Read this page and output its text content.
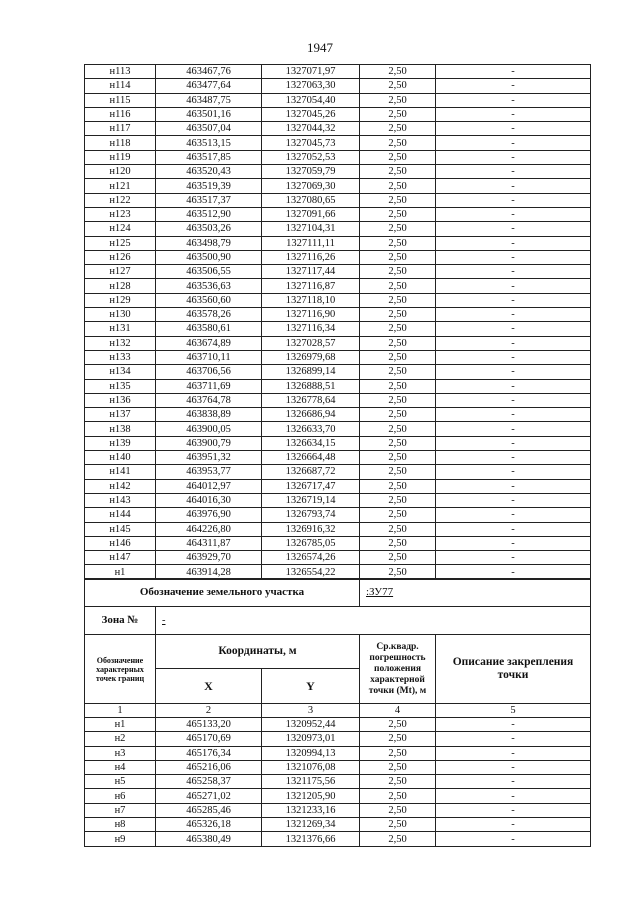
1947
н113	463467,76	1327071,97	2,50	-
н114	463477,64	1327063,30	2,50	-
н115	463487,75	1327054,40	2,50	-
н116	463501,16	1327045,26	2,50	-
н117	463507,04	1327044,32	2,50	-
н118	463513,15	1327045,73	2,50	-
н119	463517,85	1327052,53	2,50	-
н120	463520,43	1327059,79	2,50	-
н121	463519,39	1327069,30	2,50	-
н122	463517,37	1327080,65	2,50	-
н123	463512,90	1327091,66	2,50	-
н124	463503,26	1327104,31	2,50	-
н125	463498,79	1327111,11	2,50	-
н126	463500,90	1327116,26	2,50	-
н127	463506,55	1327117,44	2,50	-
н128	463536,63	1327116,87	2,50	-
н129	463560,60	1327118,10	2,50	-
н130	463578,26	1327116,90	2,50	-
н131	463580,61	1327116,34	2,50	-
н132	463674,89	1327028,57	2,50	-
н133	463710,11	1326979,68	2,50	-
н134	463706,56	1326899,14	2,50	-
н135	463711,69	1326888,51	2,50	-
н136	463764,78	1326778,64	2,50	-
н137	463838,89	1326686,94	2,50	-
н138	463900,05	1326633,70	2,50	-
н139	463900,79	1326634,15	2,50	-
н140	463951,32	1326664,48	2,50	-
н141	463953,77	1326687,72	2,50	-
н142	464012,97	1326717,47	2,50	-
н143	464016,30	1326719,14	2,50	-
н144	463976,90	1326793,74	2,50	-
н145	464226,80	1326916,32	2,50	-
н146	464311,87	1326785,05	2,50	-
н147	463929,70	1326574,26	2,50	-
н1	463914,28	1326554,22	2,50	-
Обозначение земельного участка			:ЗУ77	
Зона №	-			
Обозначение характерных точек границ	Координаты, м		Ср.квадр. погрешность положения характерной точки (Mt), м	Описание закрепления точки
	X	Y		
1	2	3	4	5
н1	465133,20	1320952,44	2,50	-
н2	465170,69	1320973,01	2,50	-
н3	465176,34	1320994,13	2,50	-
н4	465216,06	1321076,08	2,50	-
н5	465258,37	1321175,56	2,50	-
н6	465271,02	1321205,90	2,50	-
н7	465285,46	1321233,16	2,50	-
н8	465326,18	1321269,34	2,50	-
н9	465380,49	1321376,66	2,50	-
